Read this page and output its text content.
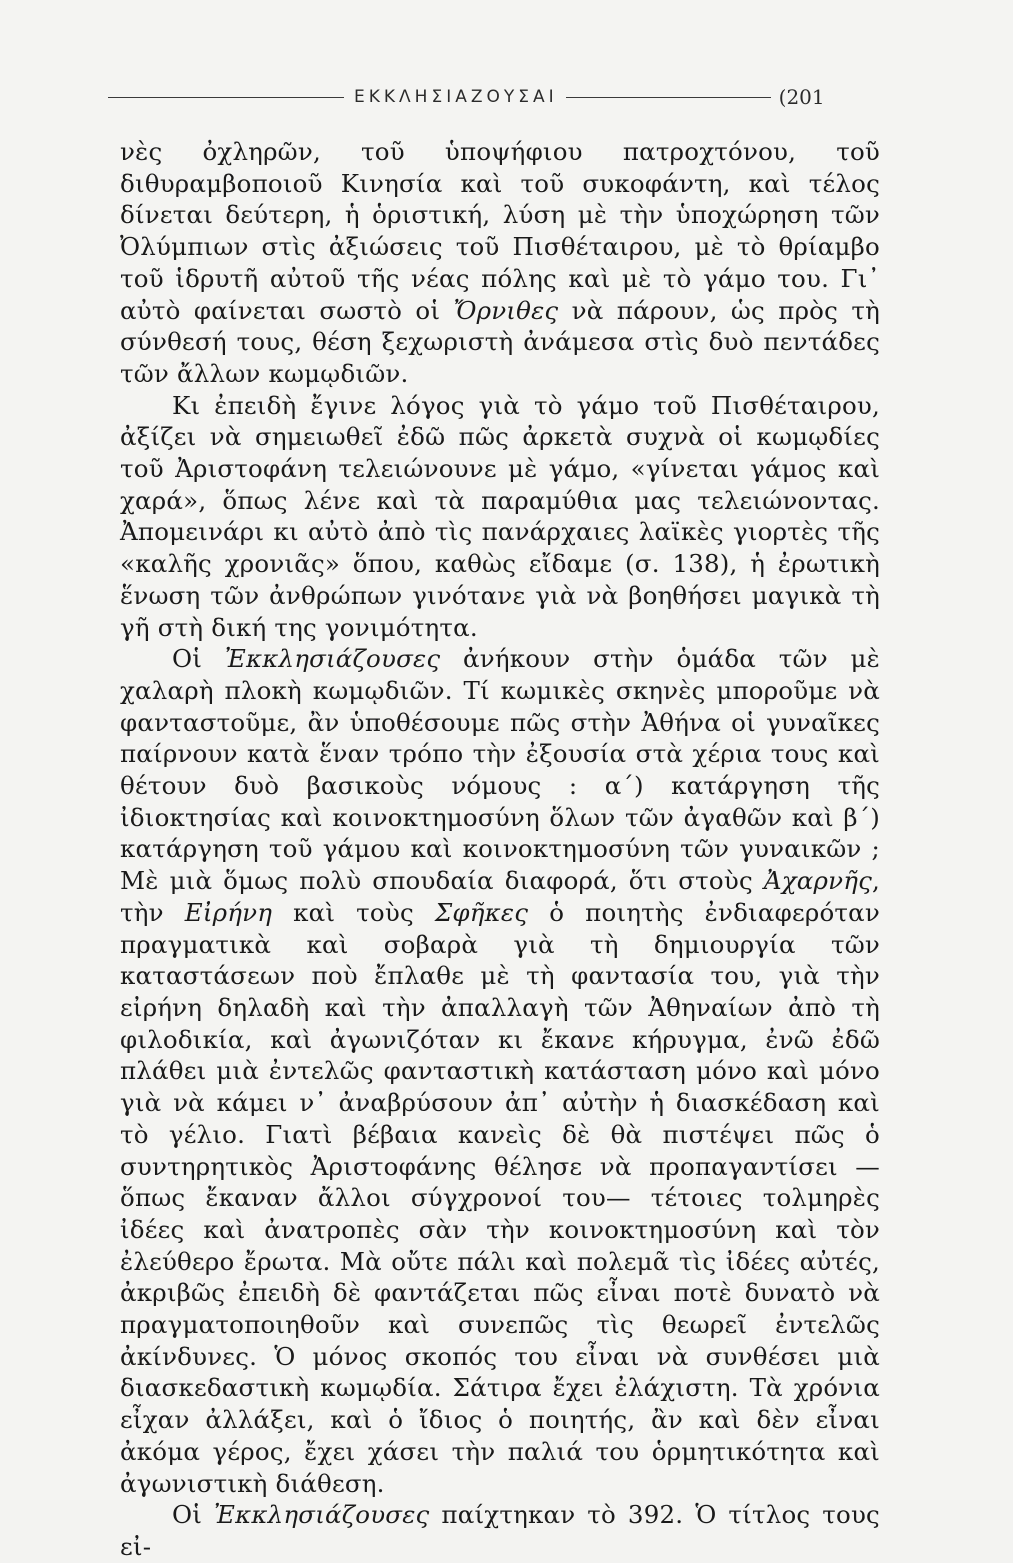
ΕΚΚΛΗΣΙΑΖΟΥΣΑΙ	(201

νὲς ὀχληρῶν, τοῦ ὑποψήφιου πατροχτόνου, τοῦ διθυραμβοποιοῦ Κινησία καὶ τοῦ συκοφάντη, καὶ τέλος δίνεται δεύτερη, ἡ ὁριστική, λύση μὲ τὴν ὑποχώρηση τῶν Ὀλύμπιων στὶς ἀξιώσεις τοῦ Πισθέταιρου, μὲ τὸ θρίαμβο τοῦ ἱδρυτῆ αὐτοῦ τῆς νέας πόλης καὶ μὲ τὸ γάμο του. Γι᾿ αὐτὸ φαίνεται σωστὸ οἱ Ὄρνιθες νὰ πάρουν, ὡς πρὸς τὴ σύνθεσή τους, θέση ξεχωριστὴ ἀνάμεσα στὶς δυὸ πεντάδες τῶν ἄλλων κωμῳδιῶν.

Κι ἐπειδὴ ἔγινε λόγος γιὰ τὸ γάμο τοῦ Πισθέταιρου, ἀξίζει νὰ σημειωθεῖ ἐδῶ πῶς ἀρκετὰ συχνὰ οἱ κωμῳδίες τοῦ Ἀριστοφάνη τελειώνουνε μὲ γάμο, «γίνεται γάμος καὶ χαρά», ὅπως λένε καὶ τὰ παραμύθια μας τελειώνοντας. Ἀπομεινάρι κι αὐτὸ ἀπὸ τὶς πανάρχαιες λαϊκὲς γιορτὲς τῆς «καλῆς χρονιᾶς» ὅπου, καθὼς εἴδαμε (σ. 138), ἡ ἐρωτικὴ ἕνωση τῶν ἀνθρώπων γινότανε γιὰ νὰ βοηθήσει μαγικὰ τὴ γῆ στὴ δική της γονιμότητα.

Οἱ Ἐκκλησιάζουσες ἀνήκουν στὴν ὁμάδα τῶν μὲ χαλαρὴ πλοκὴ κωμῳδιῶν. Τί κωμικὲς σκηνὲς μποροῦμε νὰ φανταστοῦμε, ἂν ὑποθέσουμε πῶς στὴν Ἀθήνα οἱ γυναῖκες παίρνουν κατὰ ἕναν τρόπο τὴν ἐξουσία στὰ χέρια τους καὶ θέτουν δυὸ βασικοὺς νόμους : α΄) κατάργηση τῆς ἰδιοκτησίας καὶ κοινοκτημοσύνη ὅλων τῶν ἀγαθῶν καὶ β΄) κατάργηση τοῦ γάμου καὶ κοινοκτημοσύνη τῶν γυναικῶν ; Μὲ μιὰ ὅμως πολὺ σπουδαία διαφορά, ὅτι στοὺς Ἀχαρνῆς, τὴν Εἰρήνη καὶ τοὺς Σφῆκες ὁ ποιητὴς ἐνδιαφερόταν πραγματικὰ καὶ σοβαρὰ γιὰ τὴ δημιουργία τῶν καταστάσεων ποὺ ἔπλαθε μὲ τὴ φαντασία του, γιὰ τὴν εἰρήνη δηλαδὴ καὶ τὴν ἀπαλλαγὴ τῶν Ἀθηναίων ἀπὸ τὴ φιλοδικία, καὶ ἀγωνιζόταν κι ἔκανε κήρυγμα, ἐνῶ ἐδῶ πλάθει μιὰ ἐντελῶς φανταστικὴ κατάσταση μόνο καὶ μόνο γιὰ νὰ κάμει ν᾿ ἀναβρύσουν ἀπ᾿ αὐτὴν ἡ διασκέδαση καὶ τὸ γέλιο. Γιατὶ βέβαια κανεὶς δὲ θὰ πιστέψει πῶς ὁ συντηρητικὸς Ἀριστοφάνης θέλησε νὰ προπαγαντίσει —ὅπως ἔκαναν ἄλλοι σύγχρονοί του— τέτοιες τολμηρὲς ἰδέες καὶ ἀνατροπὲς σὰν τὴν κοινοκτημοσύνη καὶ τὸν ἐλεύθερο ἔρωτα. Μὰ οὔτε πάλι καὶ πολεμᾶ τὶς ἰδέες αὐτές, ἀκριβῶς ἐπειδὴ δὲ φαντάζεται πῶς εἶναι ποτὲ δυνατὸ νὰ πραγματοποιηθοῦν καὶ συνεπῶς τὶς θεωρεῖ ἐντελῶς ἀκίνδυνες. Ὁ μόνος σκοπός του εἶναι νὰ συνθέσει μιὰ διασκεδαστικὴ κωμῳδία. Σάτιρα ἔχει ἐλάχιστη. Τὰ χρόνια εἶχαν ἀλλάξει, καὶ ὁ ἴδιος ὁ ποιητής, ἂν καὶ δὲν εἶναι ἀκόμα γέρος, ἔχει χάσει τὴν παλιά του ὁρμητικότητα καὶ ἀγωνιστικὴ διάθεση.

Οἱ Ἐκκλησιάζουσες παίχτηκαν τὸ 392. Ὁ τίτλος τους εἰ-
